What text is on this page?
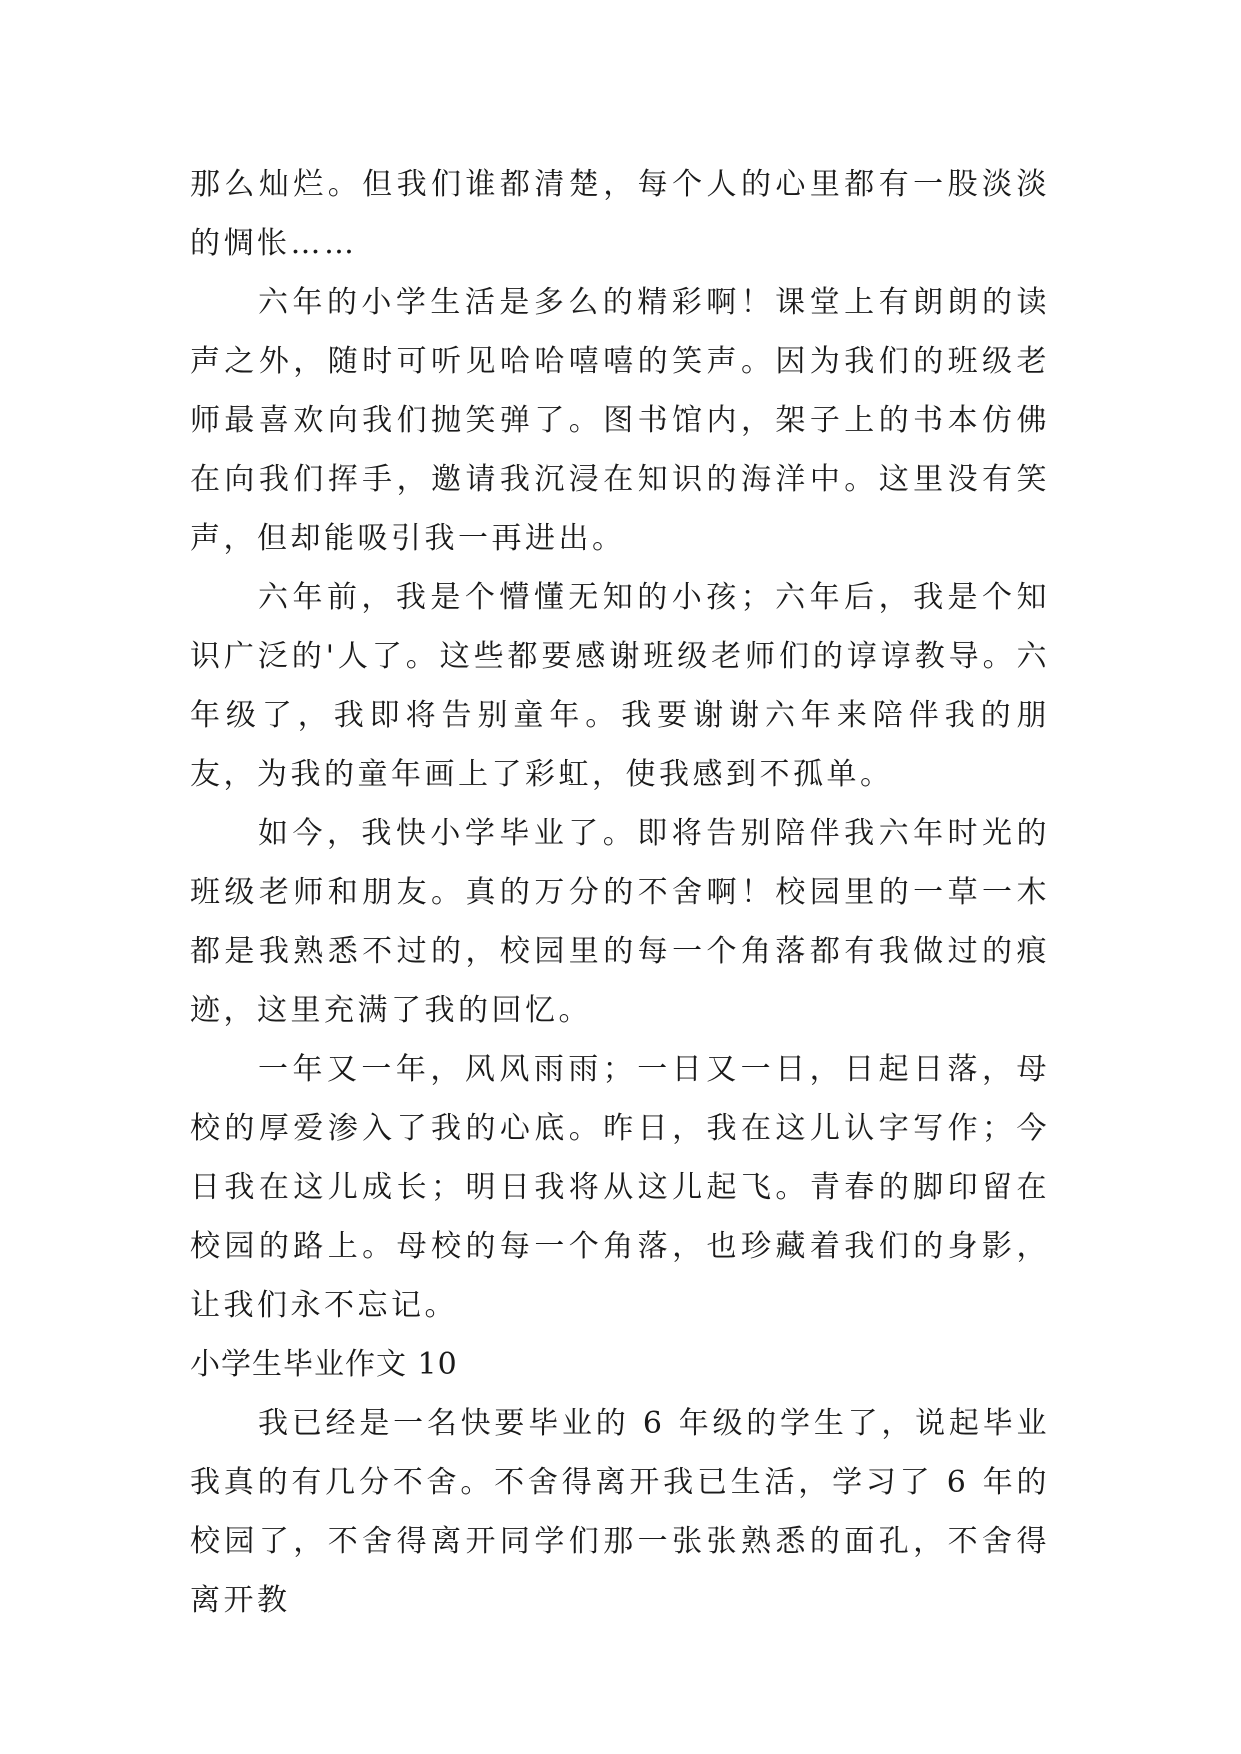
那么灿烂。但我们谁都清楚，每个人的心里都有一股淡淡的惆怅……

六年的小学生活是多么的精彩啊！课堂上有朗朗的读声之外，随时可听见哈哈嘻嘻的笑声。因为我们的班级老师最喜欢向我们抛笑弹了。图书馆内，架子上的书本仿佛在向我们挥手，邀请我沉浸在知识的海洋中。这里没有笑声，但却能吸引我一再进出。

六年前，我是个懵懂无知的小孩；六年后，我是个知识广泛的'人了。这些都要感谢班级老师们的谆谆教导。六年级了，我即将告别童年。我要谢谢六年来陪伴我的朋友，为我的童年画上了彩虹，使我感到不孤单。

如今，我快小学毕业了。即将告别陪伴我六年时光的班级老师和朋友。真的万分的不舍啊！校园里的一草一木都是我熟悉不过的，校园里的每一个角落都有我做过的痕迹，这里充满了我的回忆。

一年又一年，风风雨雨；一日又一日，日起日落，母校的厚爱渗入了我的心底。昨日，我在这儿认字写作；今日我在这儿成长；明日我将从这儿起飞。青春的脚印留在校园的路上。母校的每一个角落，也珍藏着我们的身影，让我们永不忘记。

小学生毕业作文 10

我已经是一名快要毕业的 6 年级的学生了，说起毕业我真的有几分不舍。不舍得离开我已生活，学习了 6 年的校园了，不舍得离开同学们那一张张熟悉的面孔，不舍得离开教
